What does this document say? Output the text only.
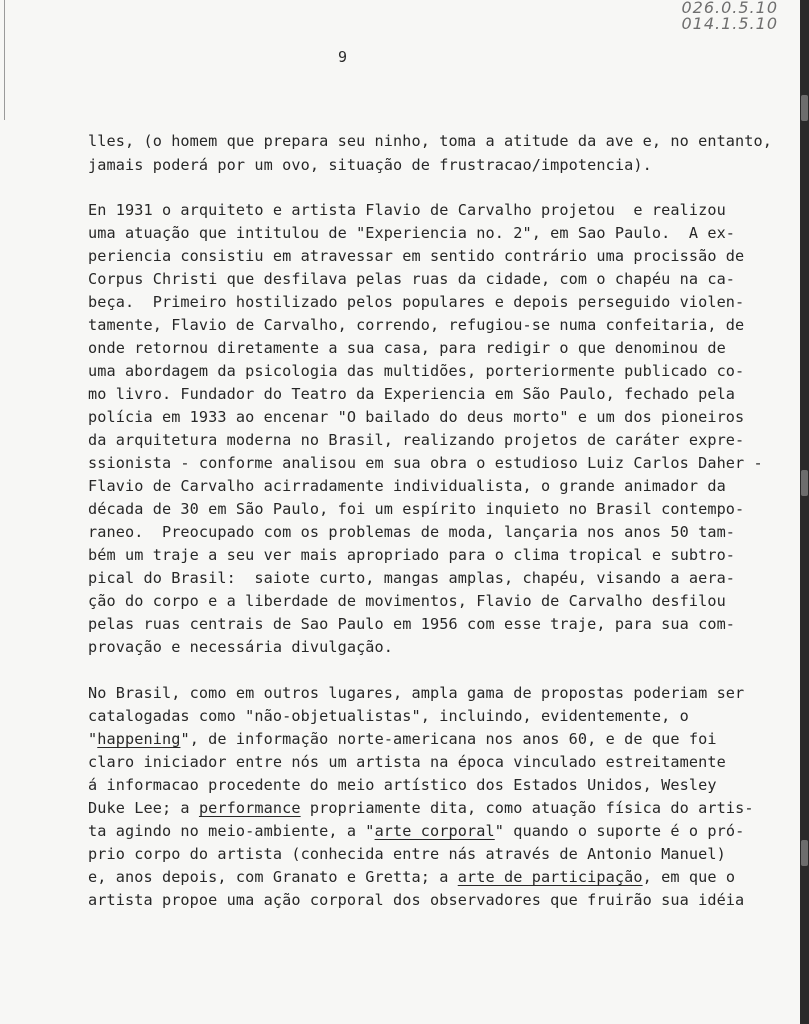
026.0.5.10
014.1.5.10
9
lles, (o homem que prepara seu ninho, toma a atitude da ave e, no entanto,
jamais poderá por um ovo, situação de frustracao/impotencia).
En 1931 o arquiteto e artista Flavio de Carvalho projetou  e realizou
uma atuação que intitulou de "Experiencia no. 2", em Sao Paulo.  A ex-
periencia consistiu em atravessar em sentido contrário uma procissão de
Corpus Christi que desfilava pelas ruas da cidade, com o chapéu na ca-
beça.  Primeiro hostilizado pelos populares e depois perseguido violen-
tamente, Flavio de Carvalho, correndo, refugiou-se numa confeitaria, de
onde retornou diretamente a sua casa, para redigir o que denominou de
uma abordagem da psicologia das multidões, porteriormente publicado co-
mo livro. Fundador do Teatro da Experiencia em São Paulo, fechado pela
polícia em 1933 ao encenar "O bailado do deus morto" e um dos pioneiros
da arquitetura moderna no Brasil, realizando projetos de caráter expre-
ssionista - conforme analisou em sua obra o estudioso Luiz Carlos Daher -
Flavio de Carvalho acirradamente individualista, o grande animador da
década de 30 em São Paulo, foi um espírito inquieto no Brasil contempo-
raneo.  Preocupado com os problemas de moda, lançaria nos anos 50 tam-
bém um traje a seu ver mais apropriado para o clima tropical e subtro-
pical do Brasil:  saiote curto, mangas amplas, chapéu, visando a aera-
ção do corpo e a liberdade de movimentos, Flavio de Carvalho desfilou
pelas ruas centrais de Sao Paulo em 1956 com esse traje, para sua com-
provação e necessária divulgação.
No Brasil, como em outros lugares, ampla gama de propostas poderiam ser
catalogadas como "não-objetualistas", incluindo, evidentemente, o
"happening", de informação norte-americana nos anos 60, e de que foi
claro iniciador entre nós um artista na época vinculado estreitamente
á informacao procedente do meio artístico dos Estados Unidos, Wesley
Duke Lee; a performance propriamente dita, como atuação física do artis-
ta agindo no meio-ambiente, a "arte corporal" quando o suporte é o pró-
prio corpo do artista (conhecida entre nás através de Antonio Manuel)
e, anos depois, com Granato e Gretta; a arte de participação, em que o
artista propoe uma ação corporal dos observadores que fruirão sua idéia
